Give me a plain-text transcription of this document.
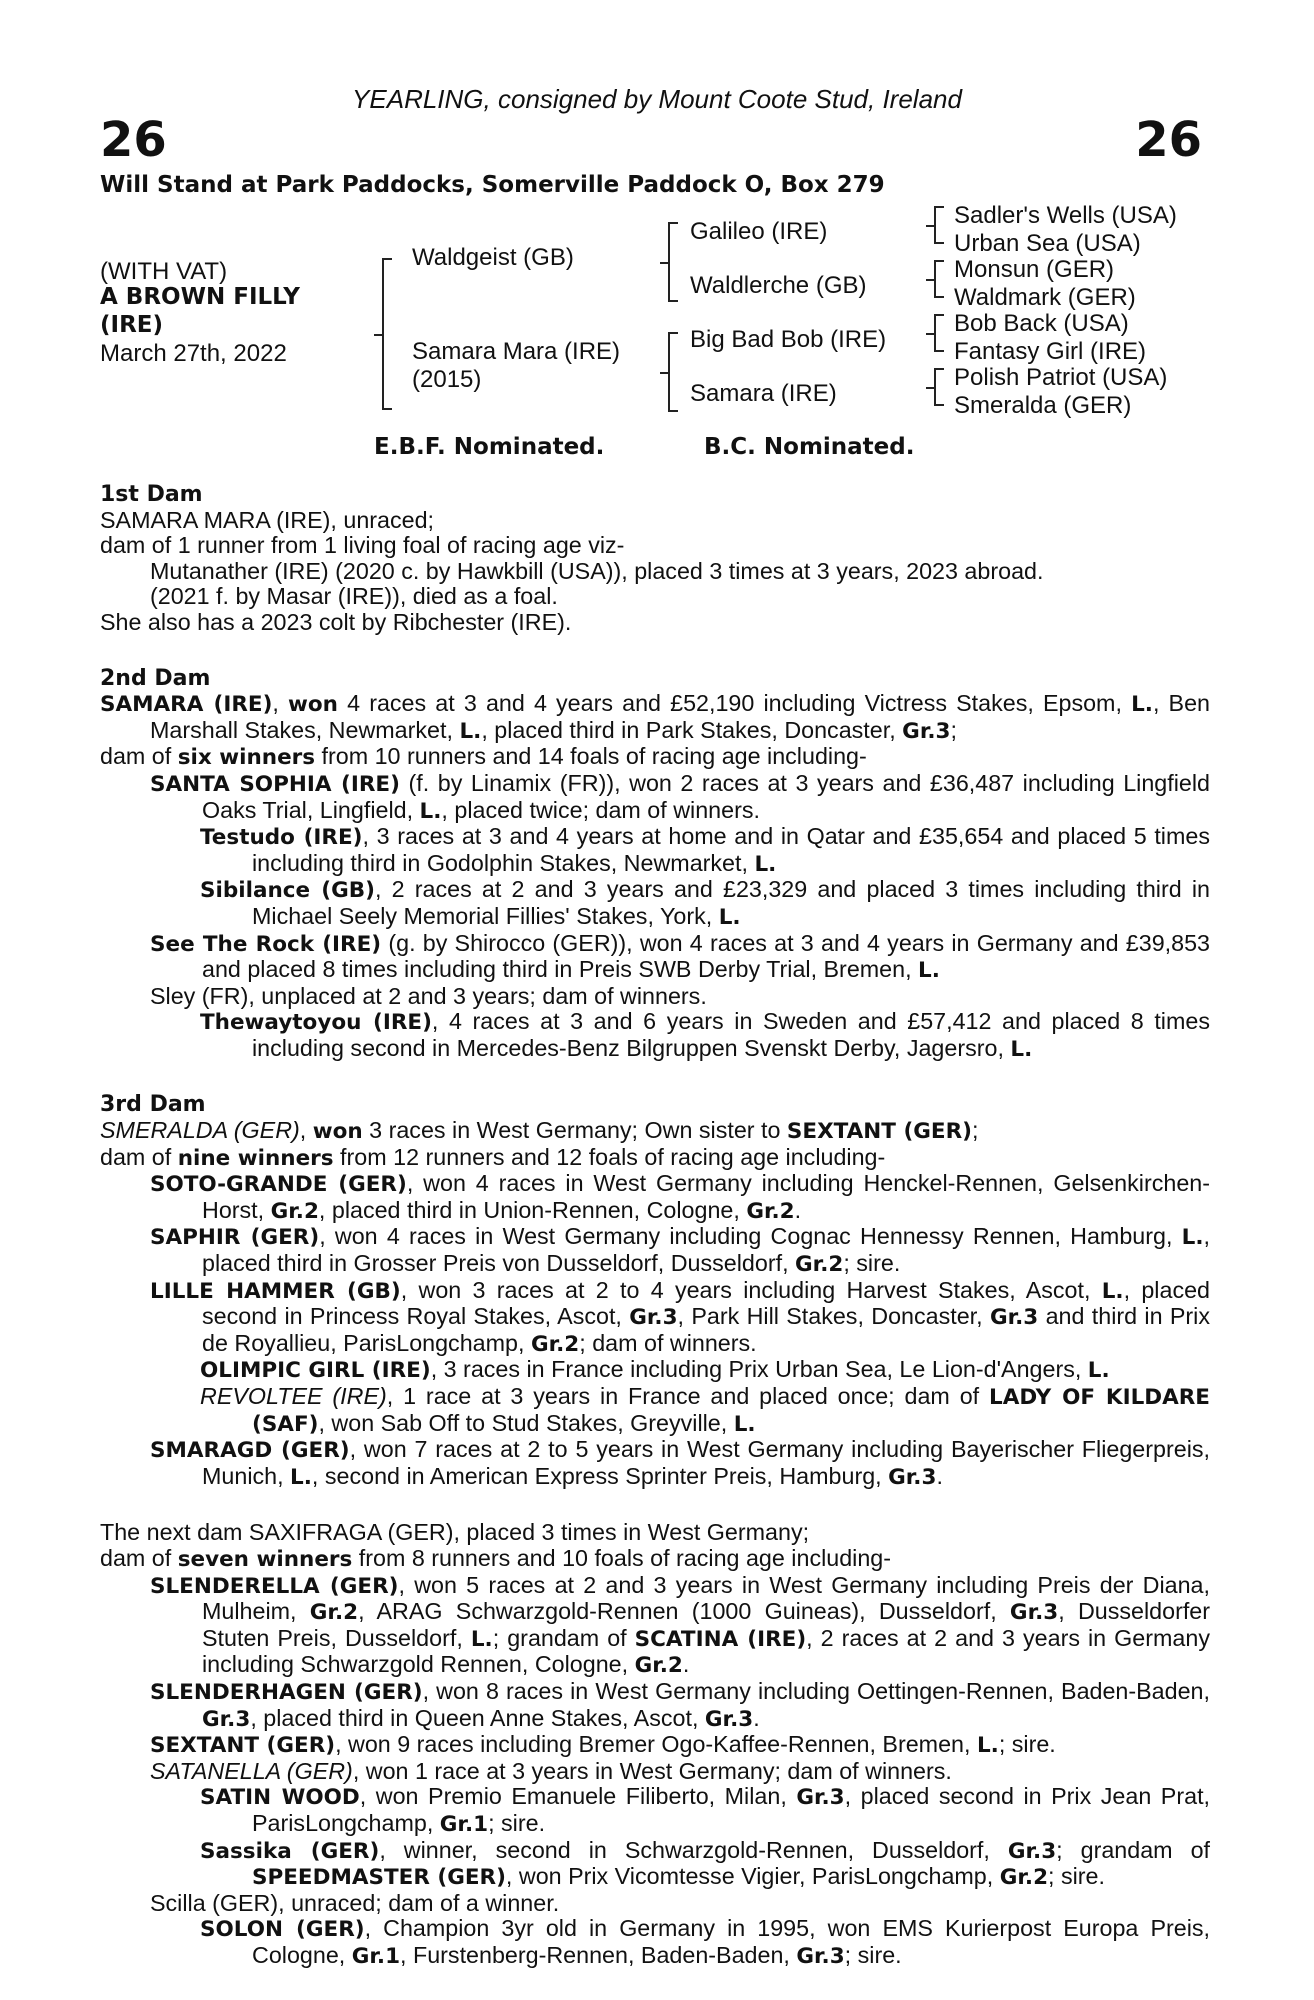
26	26
YEARLING, consigned by Mount Coote Stud, Ireland
Will Stand at Park Paddocks, Somerville Paddock O, Box 279
(WITH VAT)
A BROWN FILLY
(IRE)
March 27th, 2022
Waldgeist (GB)
Samara Mara (IRE)
(2015)
Galileo (IRE)
Waldlerche (GB)
Big Bad Bob (IRE)
Samara (IRE)
Sadler's Wells (USA)
Urban Sea (USA)
Monsun (GER)
Waldmark (GER)
Bob Back (USA)
Fantasy Girl (IRE)
Polish Patriot (USA)
Smeralda (GER)
E.B.F. Nominated.	B.C. Nominated.
1st Dam
SAMARA MARA (IRE), unraced;
dam of 1 runner from 1 living foal of racing age viz-
Mutanather (IRE) (2020 c. by Hawkbill (USA)), placed 3 times at 3 years, 2023 abroad.
(2021 f. by Masar (IRE)), died as a foal.
She also has a 2023 colt by Ribchester (IRE).
2nd Dam
SAMARA (IRE), won 4 races at 3 and 4 years and £52,190 including Victress Stakes, Epsom, L., Ben Marshall Stakes, Newmarket, L., placed third in Park Stakes, Doncaster, Gr.3;
dam of six winners from 10 runners and 14 foals of racing age including-
SANTA SOPHIA (IRE) (f. by Linamix (FR)), won 2 races at 3 years and £36,487 including Lingfield Oaks Trial, Lingfield, L., placed twice; dam of winners.
Testudo (IRE), 3 races at 3 and 4 years at home and in Qatar and £35,654 and placed 5 times including third in Godolphin Stakes, Newmarket, L.
Sibilance (GB), 2 races at 2 and 3 years and £23,329 and placed 3 times including third in Michael Seely Memorial Fillies' Stakes, York, L.
See The Rock (IRE) (g. by Shirocco (GER)), won 4 races at 3 and 4 years in Germany and £39,853 and placed 8 times including third in Preis SWB Derby Trial, Bremen, L.
Sley (FR), unplaced at 2 and 3 years; dam of winners.
Thewaytoyou (IRE), 4 races at 3 and 6 years in Sweden and £57,412 and placed 8 times including second in Mercedes-Benz Bilgruppen Svenskt Derby, Jagersro, L.
3rd Dam
SMERALDA (GER), won 3 races in West Germany; Own sister to SEXTANT (GER);
dam of nine winners from 12 runners and 12 foals of racing age including-
SOTO-GRANDE (GER), won 4 races in West Germany including Henckel-Rennen, Gelsenkirchen-Horst, Gr.2, placed third in Union-Rennen, Cologne, Gr.2.
SAPHIR (GER), won 4 races in West Germany including Cognac Hennessy Rennen, Hamburg, L., placed third in Grosser Preis von Dusseldorf, Dusseldorf, Gr.2; sire.
LILLE HAMMER (GB), won 3 races at 2 to 4 years including Harvest Stakes, Ascot, L., placed second in Princess Royal Stakes, Ascot, Gr.3, Park Hill Stakes, Doncaster, Gr.3 and third in Prix de Royallieu, ParisLongchamp, Gr.2; dam of winners.
OLIMPIC GIRL (IRE), 3 races in France including Prix Urban Sea, Le Lion-d'Angers, L.
REVOLTEE (IRE), 1 race at 3 years in France and placed once; dam of LADY OF KILDARE (SAF), won Sab Off to Stud Stakes, Greyville, L.
SMARAGD (GER), won 7 races at 2 to 5 years in West Germany including Bayerischer Fliegerpreis, Munich, L., second in American Express Sprinter Preis, Hamburg, Gr.3.
The next dam SAXIFRAGA (GER), placed 3 times in West Germany;
dam of seven winners from 8 runners and 10 foals of racing age including-
SLENDERELLA (GER), won 5 races at 2 and 3 years in West Germany including Preis der Diana, Mulheim, Gr.2, ARAG Schwarzgold-Rennen (1000 Guineas), Dusseldorf, Gr.3, Dusseldorfer Stuten Preis, Dusseldorf, L.; grandam of SCATINA (IRE), 2 races at 2 and 3 years in Germany including Schwarzgold Rennen, Cologne, Gr.2.
SLENDERHAGEN (GER), won 8 races in West Germany including Oettingen-Rennen, Baden-Baden, Gr.3, placed third in Queen Anne Stakes, Ascot, Gr.3.
SEXTANT (GER), won 9 races including Bremer Ogo-Kaffee-Rennen, Bremen, L.; sire.
SATANELLA (GER), won 1 race at 3 years in West Germany; dam of winners.
SATIN WOOD, won Premio Emanuele Filiberto, Milan, Gr.3, placed second in Prix Jean Prat, ParisLongchamp, Gr.1; sire.
Sassika (GER), winner, second in Schwarzgold-Rennen, Dusseldorf, Gr.3; grandam of SPEEDMASTER (GER), won Prix Vicomtesse Vigier, ParisLongchamp, Gr.2; sire.
Scilla (GER), unraced; dam of a winner.
SOLON (GER), Champion 3yr old in Germany in 1995, won EMS Kurierpost Europa Preis, Cologne, Gr.1, Furstenberg-Rennen, Baden-Baden, Gr.3; sire.
